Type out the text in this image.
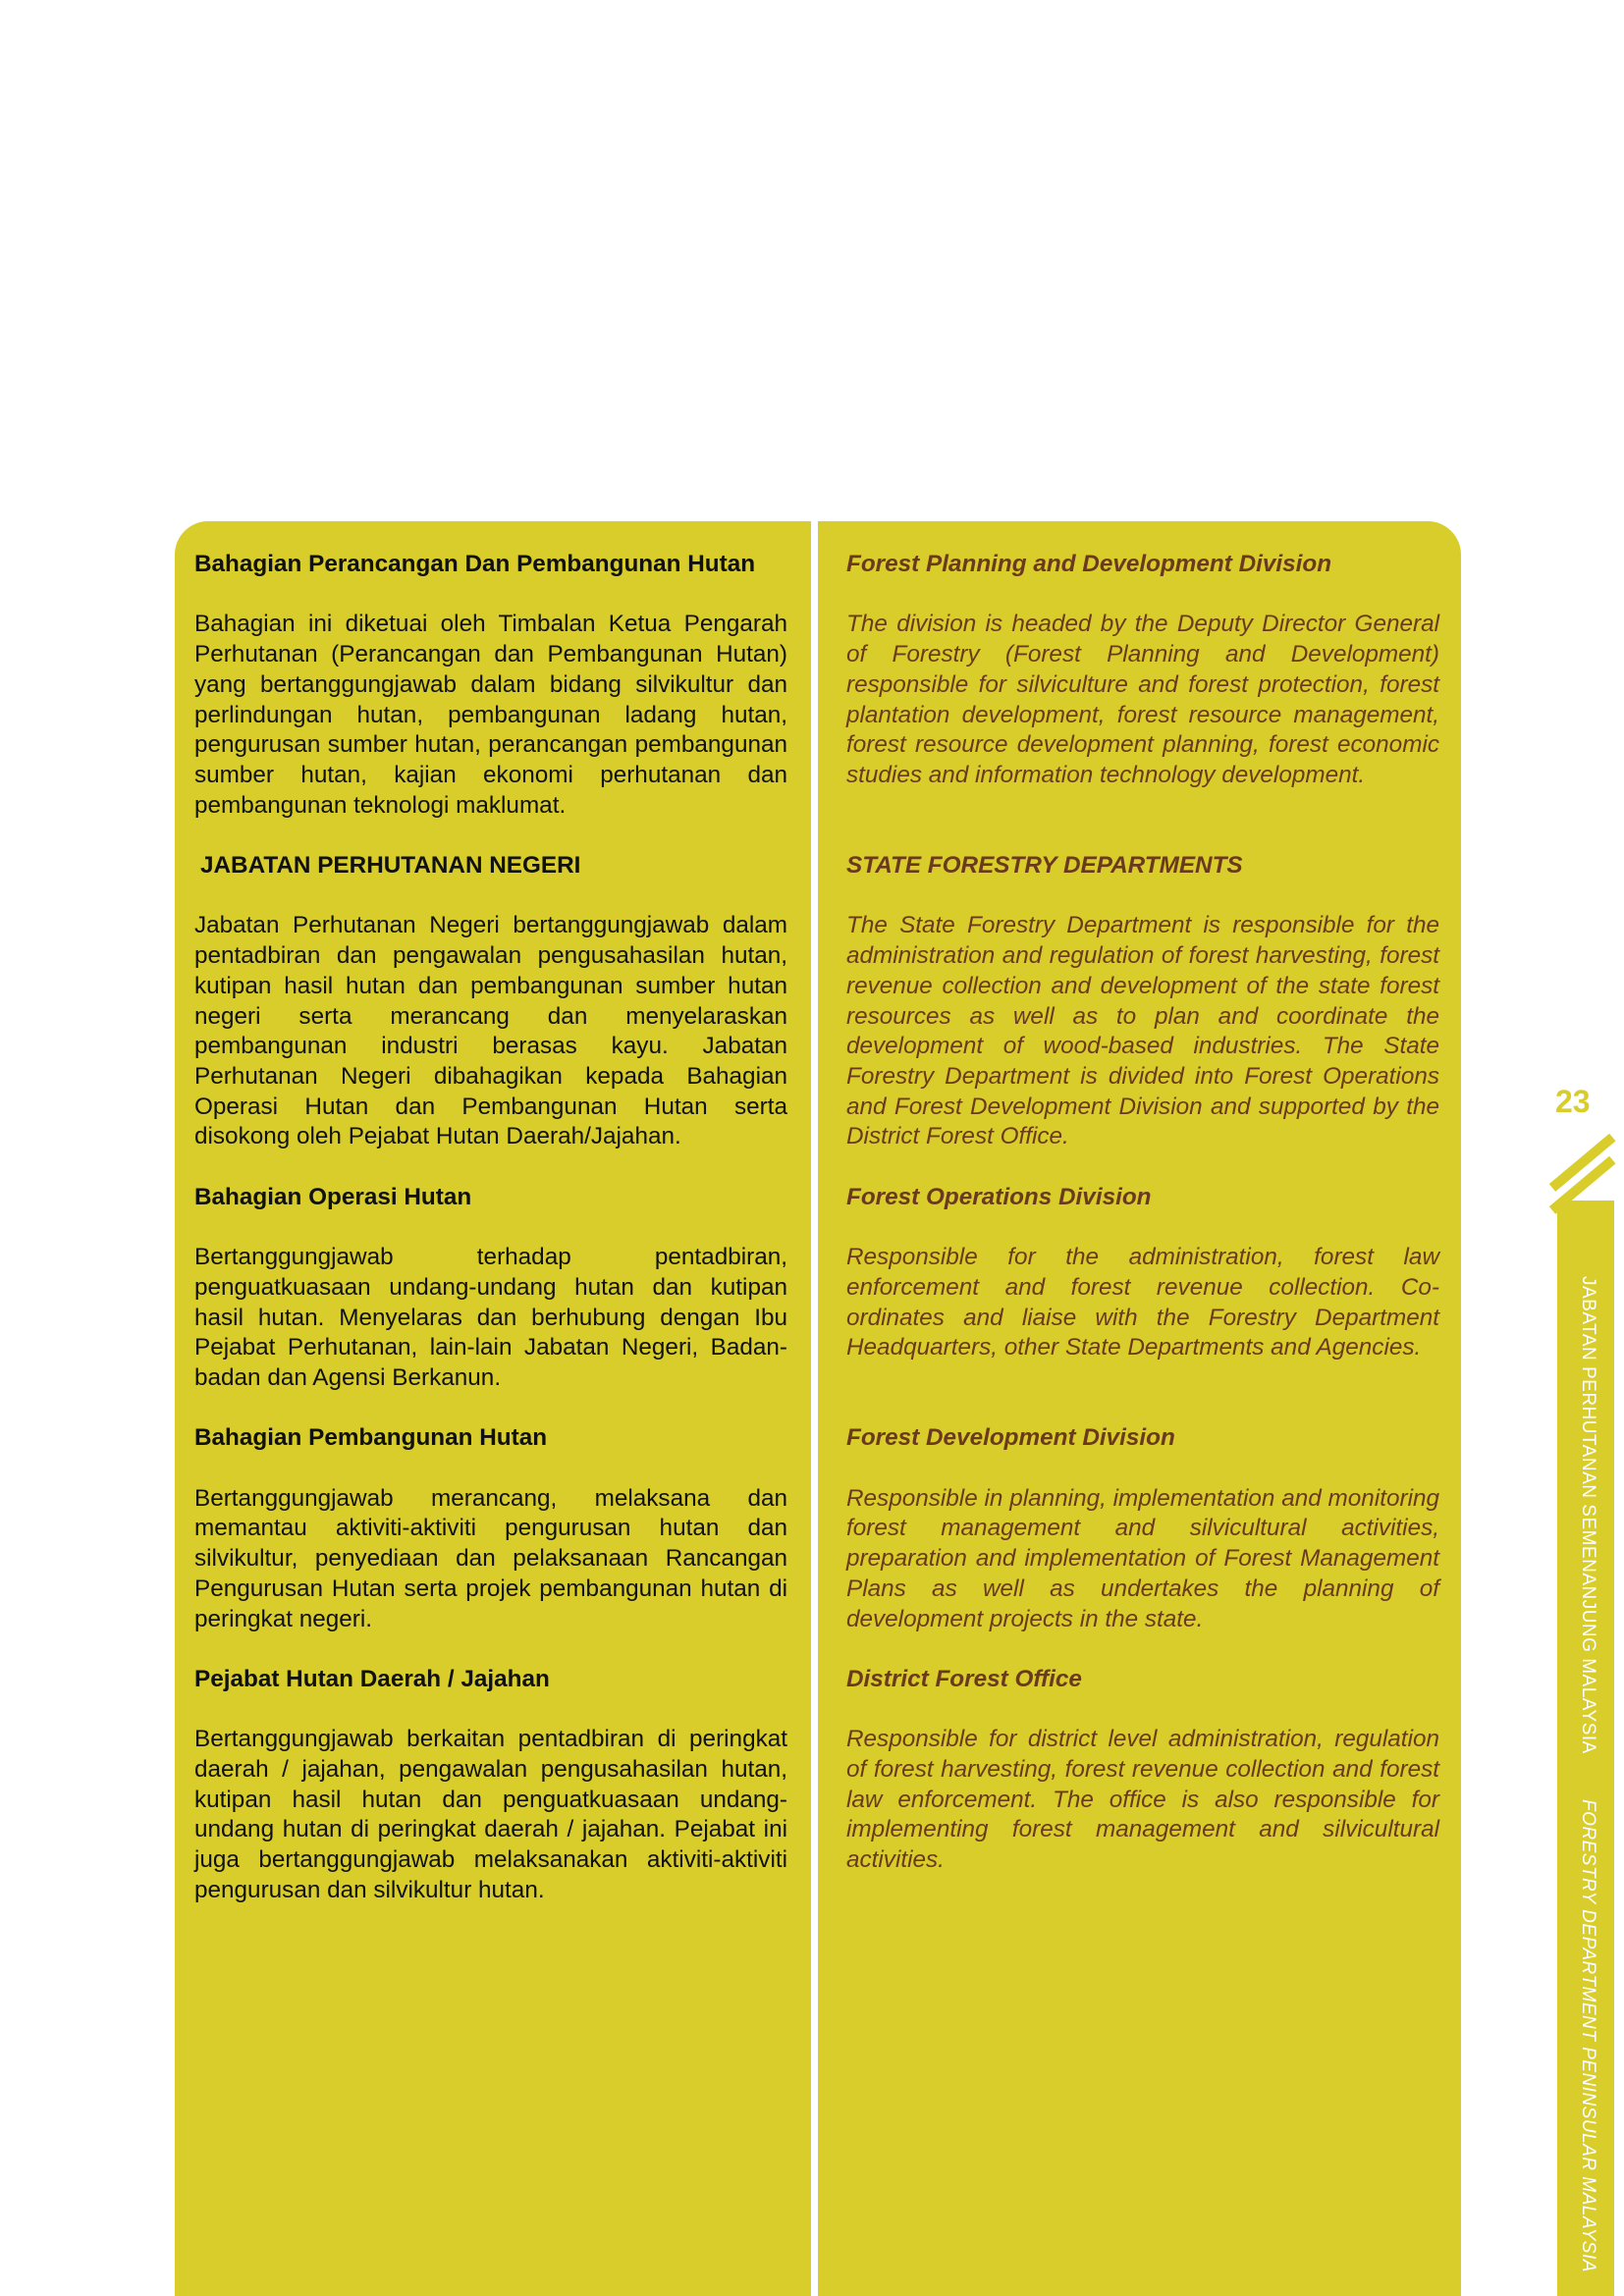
Bahagian Perancangan Dan Pembangunan Hutan

Bahagian ini diketuai oleh Timbalan Ketua Pengarah Perhutanan (Perancangan dan Pembangunan Hutan) yang bertanggungjawab dalam bidang silvikultur dan perlindungan hutan, pembangunan ladang hutan, pengurusan sumber hutan, perancangan pembangunan sumber hutan, kajian ekonomi perhutanan dan pembangunan teknologi maklumat.

JABATAN PERHUTANAN NEGERI

Jabatan Perhutanan Negeri bertanggungjawab dalam pentadbiran dan pengawalan pengusahasilan hutan, kutipan hasil hutan dan pembangunan sumber hutan negeri serta merancang dan menyelaraskan pembangunan industri berasas kayu. Jabatan Perhutanan Negeri dibahagikan kepada Bahagian Operasi Hutan dan Pembangunan Hutan serta disokong oleh Pejabat Hutan Daerah/Jajahan.

Bahagian Operasi Hutan

Bertanggungjawab terhadap pentadbiran, penguatkuasaan undang-undang hutan dan kutipan hasil hutan. Menyelaras dan berhubung dengan Ibu Pejabat Perhutanan, lain-lain Jabatan Negeri, Badan-badan dan Agensi Berkanun.

Bahagian Pembangunan Hutan

Bertanggungjawab merancang, melaksana dan memantau aktiviti-aktiviti pengurusan hutan dan silvikultur, penyediaan dan pelaksanaan Rancangan Pengurusan Hutan serta projek pembangunan hutan di peringkat negeri.

Pejabat Hutan Daerah / Jajahan

Bertanggungjawab berkaitan pentadbiran di peringkat daerah / jajahan, pengawalan pengusahasilan hutan, kutipan hasil hutan dan penguatkuasaan undang-undang hutan di peringkat daerah / jajahan. Pejabat ini juga bertanggungjawab melaksanakan aktiviti-aktiviti pengurusan dan silvikultur hutan.

Forest Planning and Development Division

The division is headed by the Deputy Director General of Forestry (Forest Planning and Development) responsible for silviculture and forest protection, forest plantation development, forest resource management, forest resource development planning, forest economic studies and information technology development.

STATE FORESTRY DEPARTMENTS

The State Forestry Department is responsible for the administration and regulation of forest harvesting, forest revenue collection and development of the state forest resources as well as to plan and coordinate the development of wood-based industries. The State Forestry Department is divided into Forest Operations and Forest Development Division and supported by the District Forest Office.

Forest Operations Division

Responsible for the administration, forest law enforcement and forest revenue collection. Co-ordinates and liaise with the Forestry Department Headquarters, other State Departments and Agencies.

Forest Development Division

Responsible in planning, implementation and monitoring forest management and silvicultural activities, preparation and implementation of Forest Management Plans as well as undertakes the planning of development projects in the state.

District Forest Office

Responsible for district level administration, regulation of forest harvesting, forest revenue collection and forest law enforcement. The office is also responsible for implementing forest management and silvicultural activities.

23
JABATAN PERHUTANAN SEMENANJUNG MALAYSIA FORESTRY DEPARTMENT PENINSULAR MALAYSIA
